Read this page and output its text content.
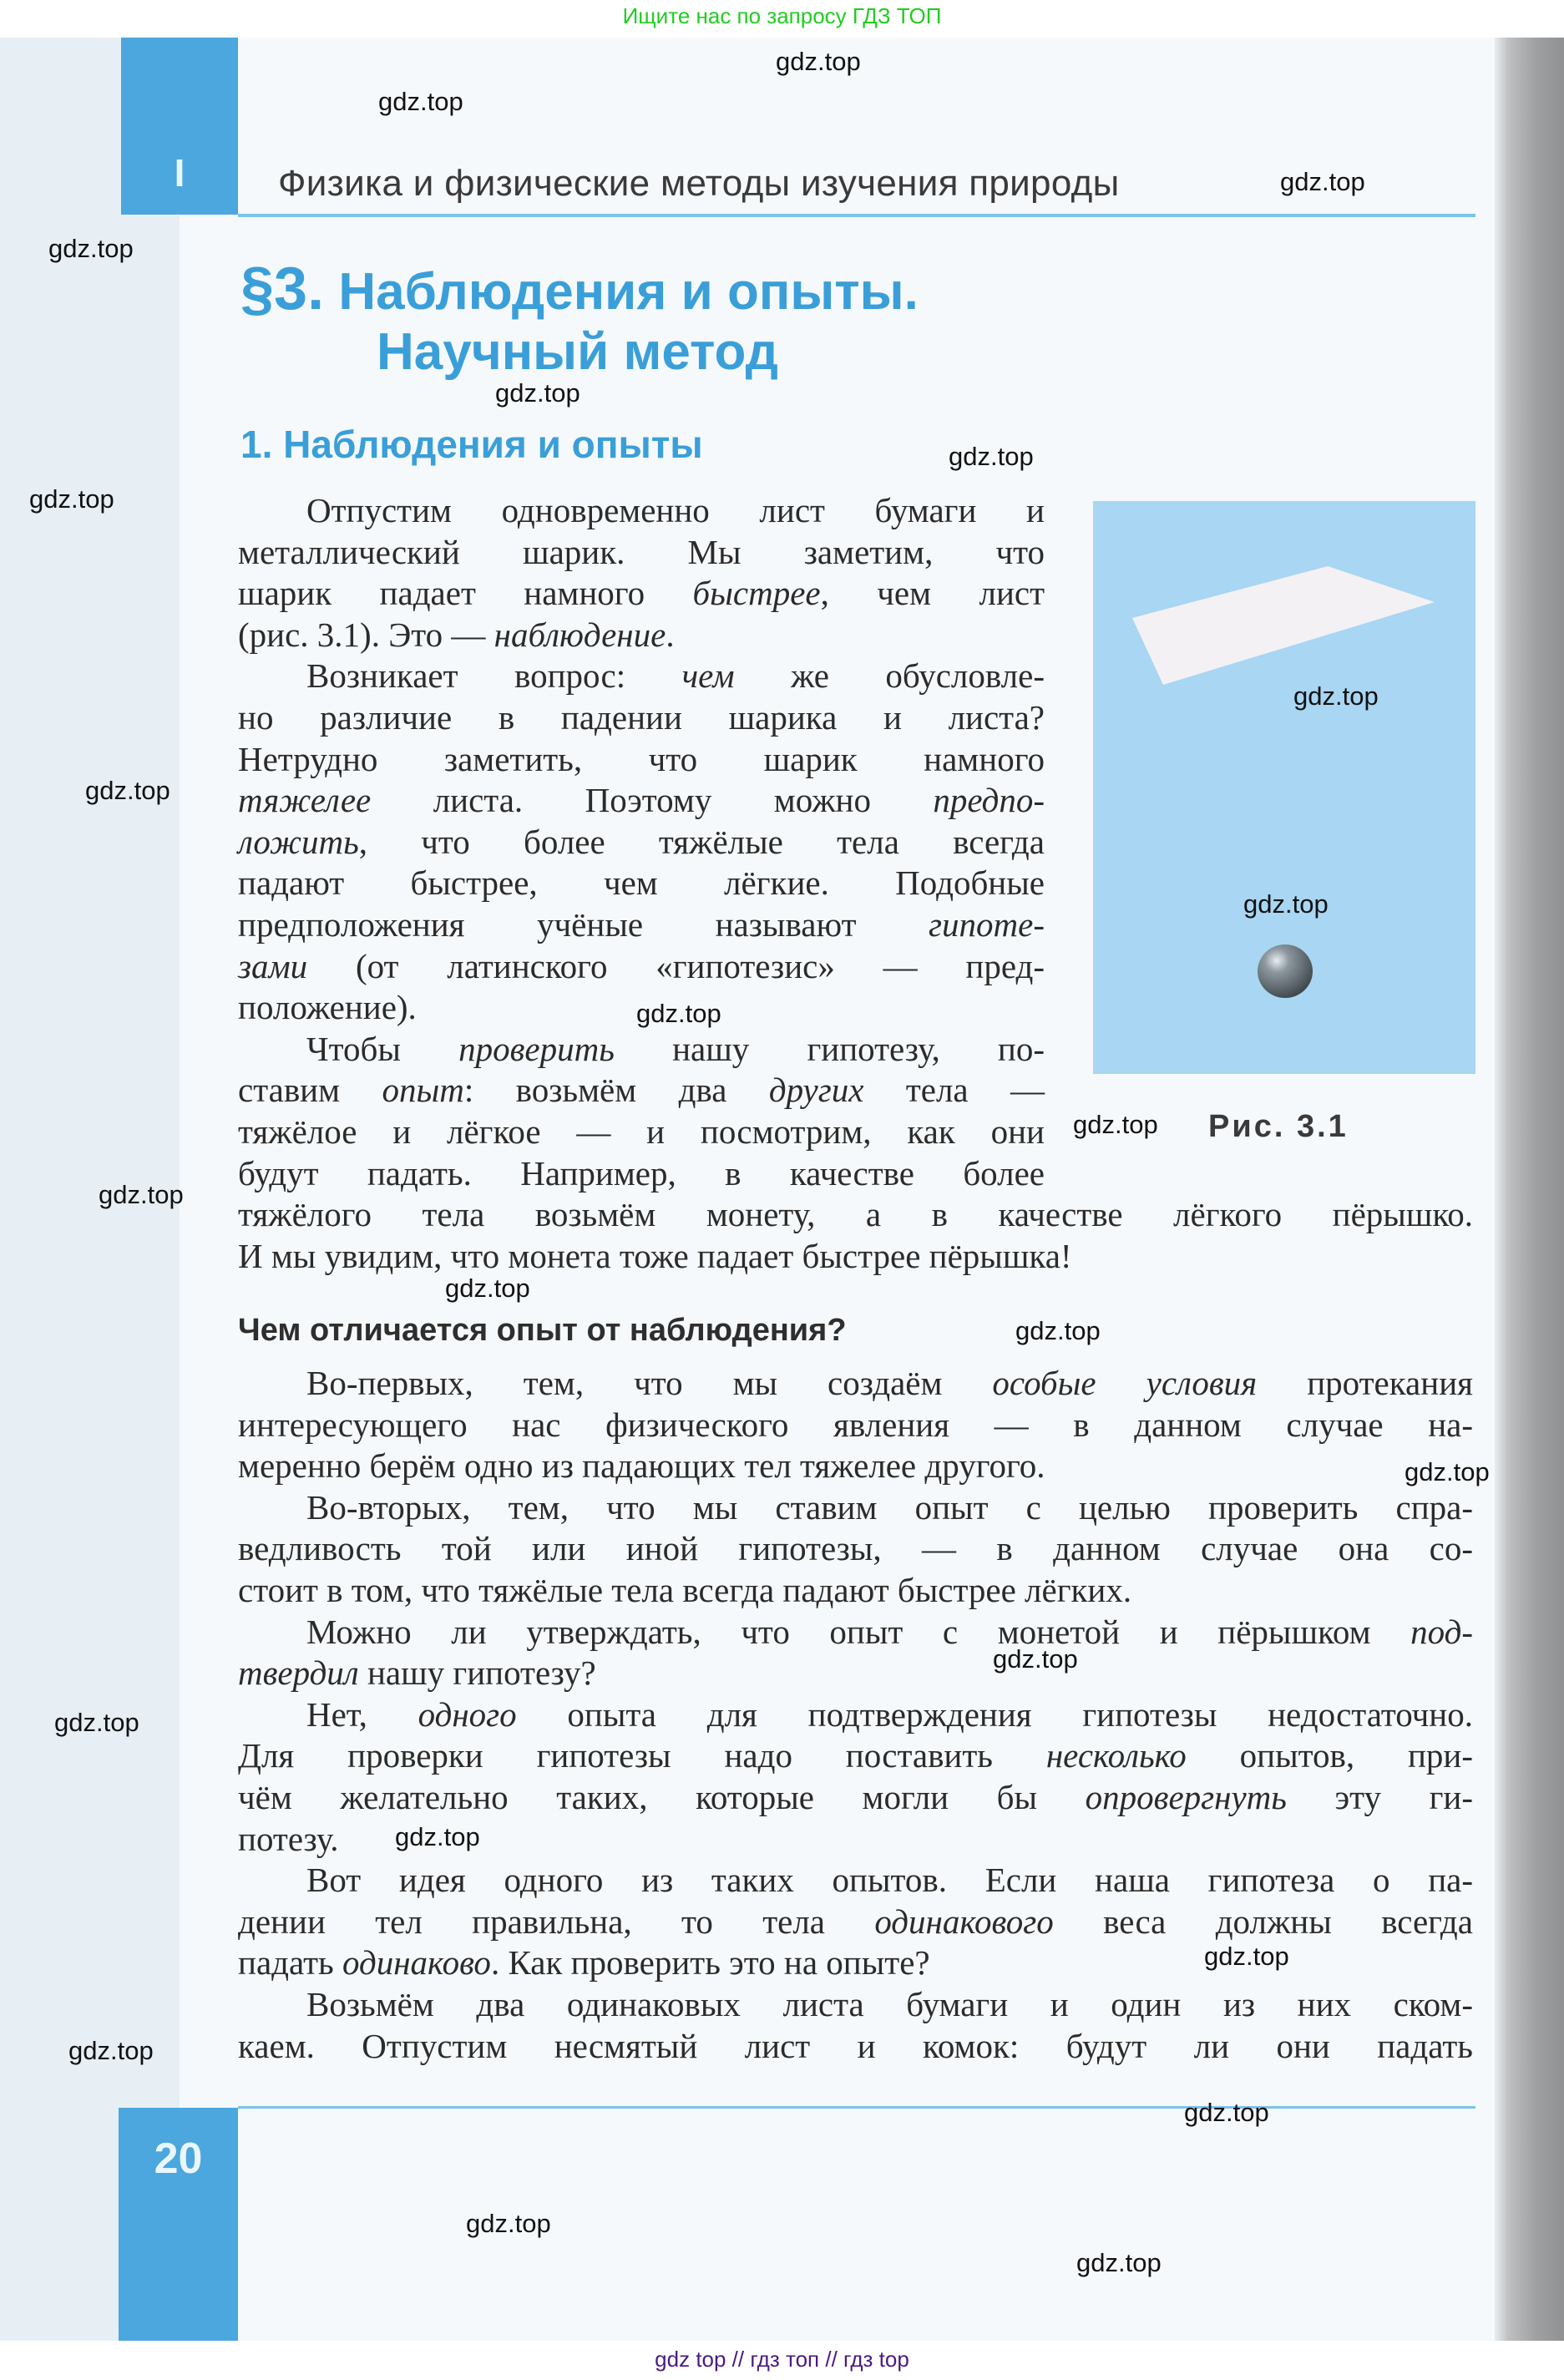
Ищите нас по запросу ГДЗ ТОП
I	Физика и физические методы изучения природы
§3. Наблюдения и опыты.
Научный метод
1. Наблюдения и опыты
Отпустим одновременно лист бумаги и
металлический шарик. Мы заметим, что
шарик падает намного быстрее, чем лист
(рис. 3.1). Это — наблюдение.
Возникает вопрос: чем же обусловле-
но различие в падении шарика и листа?
Нетрудно заметить, что шарик намного
тяжелее листа. Поэтому можно предпо-
ложить, что более тяжёлые тела всегда
падают быстрее, чем лёгкие. Подобные
предположения учёные называют гипоте-
зами (от латинского «гипотезис» — пред-
положение).
Чтобы проверить нашу гипотезу, по-
ставим опыт: возьмём два других тела —
тяжёлое и лёгкое — и посмотрим, как они
будут падать. Например, в качестве более
тяжёлого тела возьмём монету, а в качестве лёгкого пёрышко.
И мы увидим, что монета тоже падает быстрее пёрышка!
Во-первых, тем, что мы создаём особые условия протекания
интересующего нас физического явления — в данном случае на-
меренно берём одно из падающих тел тяжелее другого.
Во-вторых, тем, что мы ставим опыт с целью проверить спра-
ведливость той или иной гипотезы, — в данном случае она со-
стоит в том, что тяжёлые тела всегда падают быстрее лёгких.
Можно ли утверждать, что опыт с монетой и пёрышком под-
твердил нашу гипотезу?
Нет, одного опыта для подтверждения гипотезы недостаточно.
Для проверки гипотезы надо поставить несколько опытов, при-
чём желательно таких, которые могли бы опровергнуть эту ги-
потезу.
Вот идея одного из таких опытов. Если наша гипотеза о па-
дении тел правильна, то тела одинакового веса должны всегда
падать одинаково. Как проверить это на опыте?
Возьмём два одинаковых листа бумаги и один из них ском-
каем. Отпустим несмятый лист и комок: будут ли они падать
Чем отличается опыт от наблюдения?
Рис. 3.1
20
gdz top // гдз топ // гдз top
gdz.top
gdz.top
gdz.top
gdz.top
gdz.top
gdz.top
gdz.top
gdz.top
gdz.top
gdz.top
gdz.top
gdz.top
gdz.top
gdz.top
gdz.top
gdz.top
gdz.top
gdz.top
gdz.top
gdz.top
gdz.top
gdz.top
gdz.top
gdz.top
